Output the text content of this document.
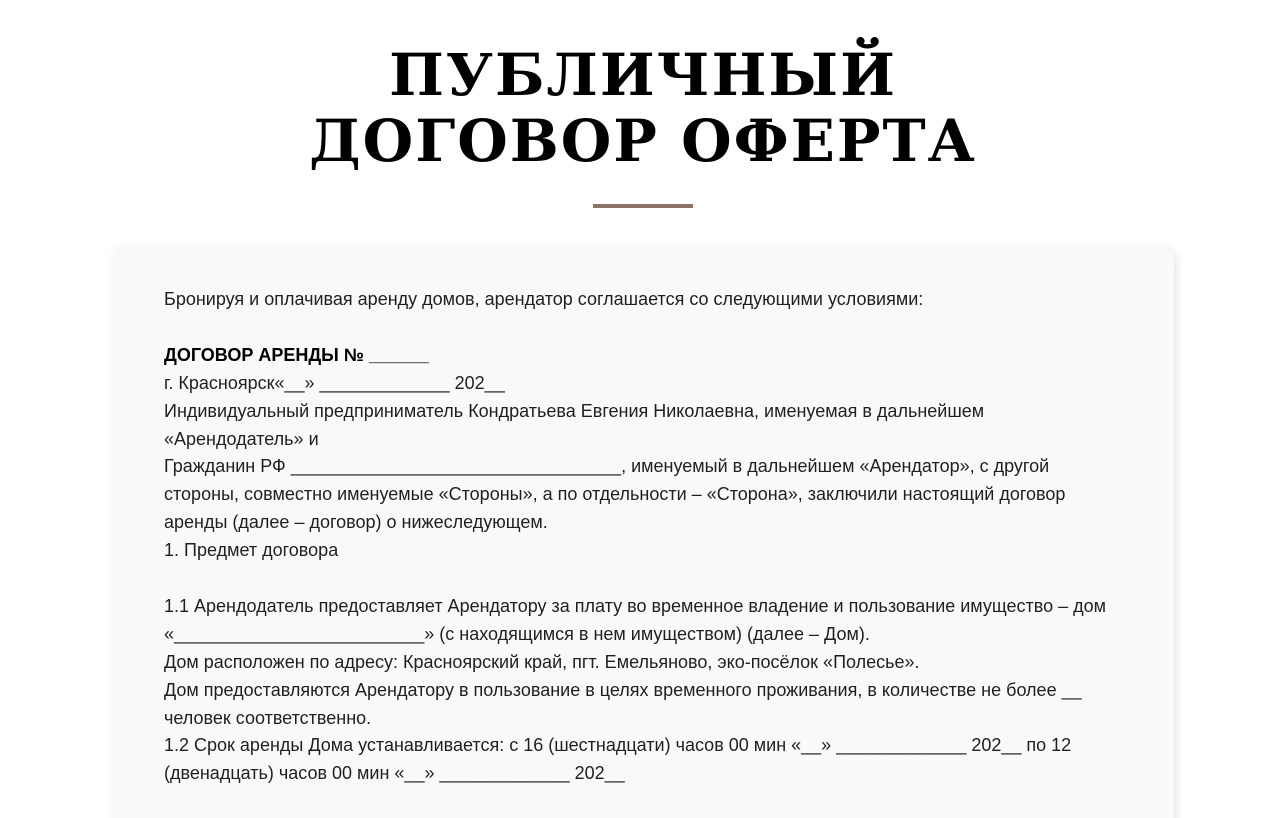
ПУБЛИЧНЫЙ
ДОГОВОР ОФЕРТА

Бронируя и оплачивая аренду домов, арендатор соглашается со следующими условиями:

ДОГОВОР АРЕНДЫ № ______

г. Красноярск«__» _____________ 202__

Индивидуальный предприниматель Кондратьева Евгения Николаевна, именуемая в дальнейшем «Арендодатель» и

Гражданин РФ _________________________________, именуемый в дальнейшем «Арендатор», с другой стороны, совместно именуемые «Стороны», а по отдельности – «Сторона», заключили настоящий договор аренды (далее – договор) о нижеследующем.

1. Предмет договора

1.1 Арендодатель предоставляет Арендатору за плату во временное владение и пользование имущество – дом «_________________________» (с находящимся в нем имуществом) (далее – Дом).

Дом расположен по адресу: Красноярский край, пгт. Емельяново, эко-посёлок «Полесье».

Дом предоставляются Арендатору в пользование в целях временного проживания, в количестве не более __ человек соответственно.

1.2 Срок аренды Дома устанавливается: с 16 (шестнадцати) часов 00 мин «__» _____________ 202__ по 12 (двенадцать) часов 00 мин «__» _____________ 202__
